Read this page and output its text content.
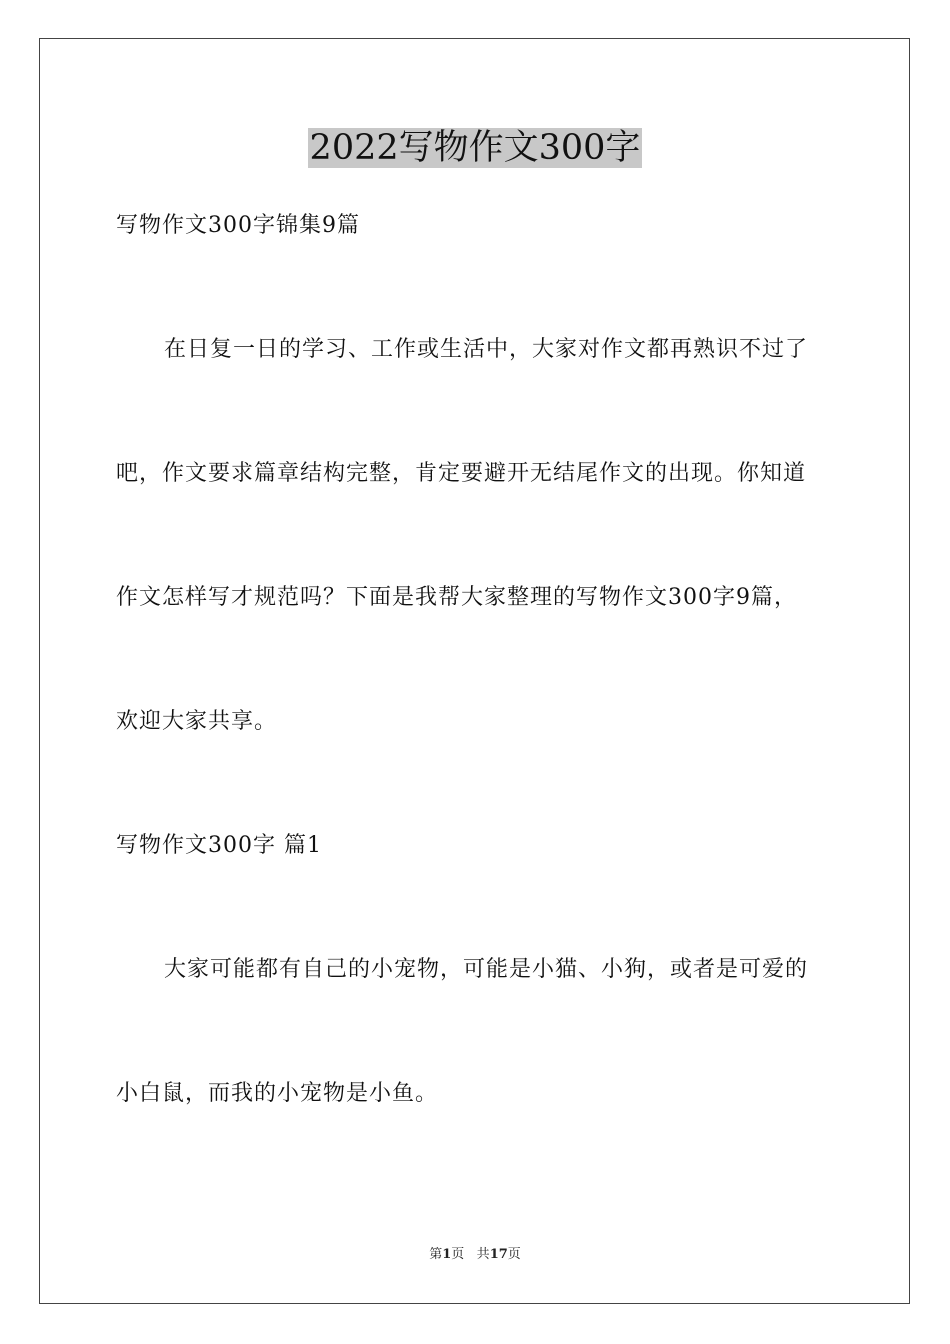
2022写物作文300字
写物作文300字锦集9篇
在日复一日的学习、工作或生活中，大家对作文都再熟识不过了
吧，作文要求篇章结构完整，肯定要避开无结尾作文的出现。你知道
作文怎样写才规范吗？下面是我帮大家整理的写物作文300字9篇，
欢迎大家共享。
写物作文300字 篇1
大家可能都有自己的小宠物，可能是小猫、小狗，或者是可爱的
小白鼠，而我的小宠物是小鱼。
第1页 共17页
